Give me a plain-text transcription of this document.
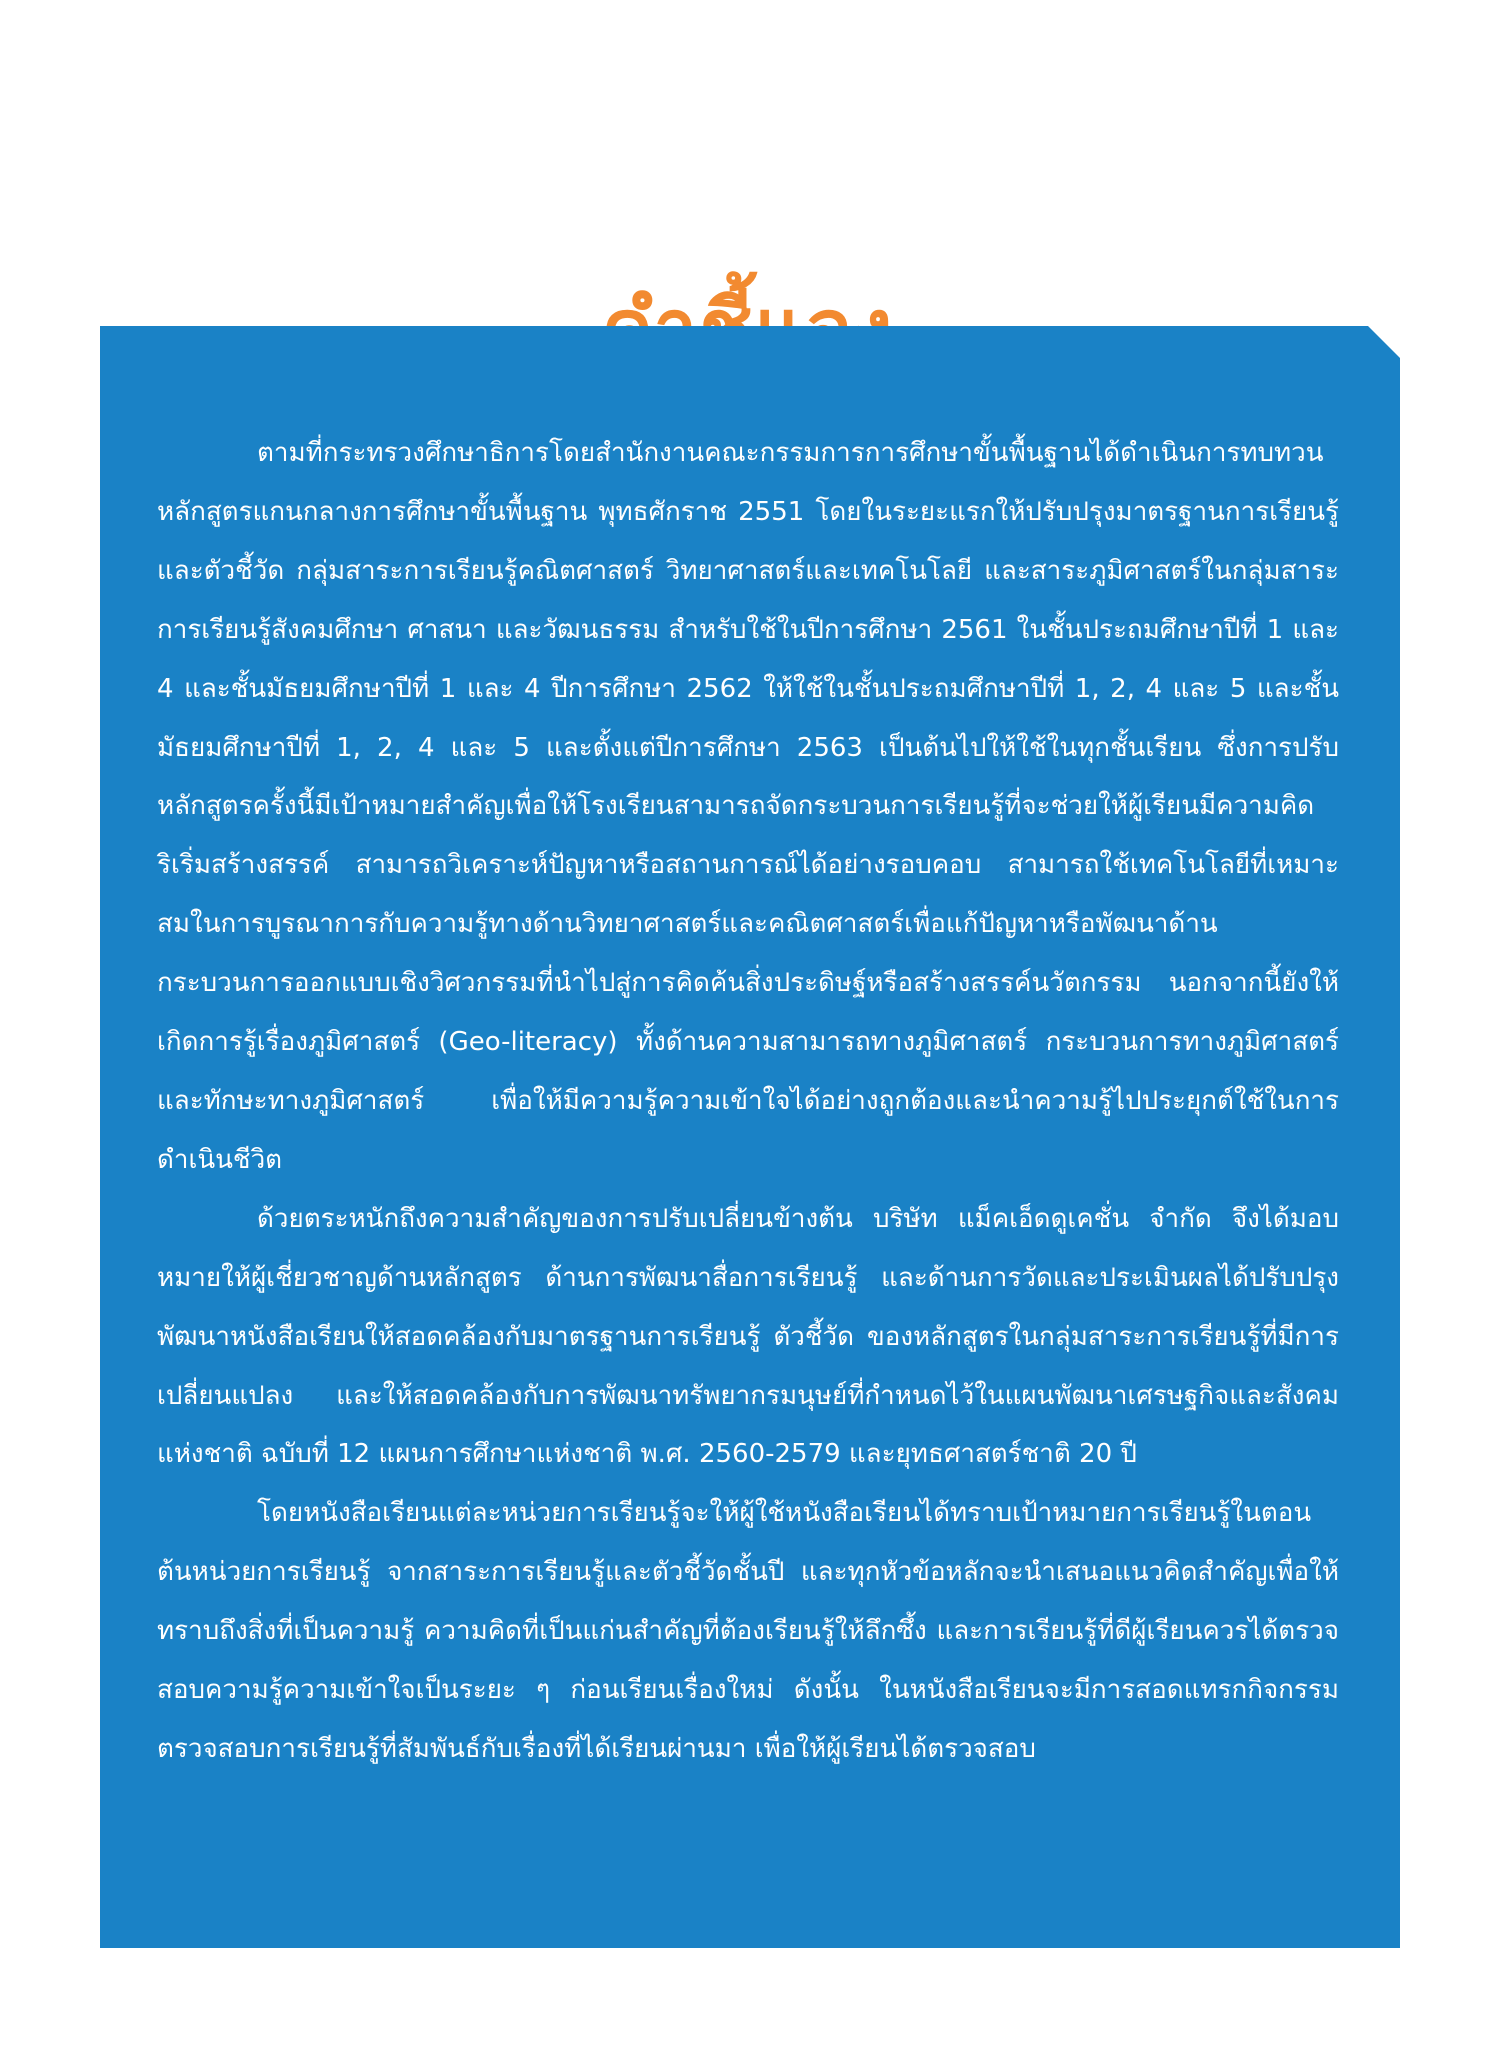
ตามที่กระทรวงศึกษาธิการโดยสำนักงานคณะกรรมการการศึกษาขั้นพื้นฐานได้ดำเนินการทบทวนหลักสูตรแกนกลางการศึกษาขั้นพื้นฐาน พุทธศักราช 2551 โดยในระยะแรกให้ปรับปรุงมาตรฐานการเรียนรู้และตัวชี้วัด กลุ่มสาระการเรียนรู้คณิตศาสตร์ วิทยาศาสตร์และเทคโนโลยี และสาระภูมิศาสตร์ในกลุ่มสาระการเรียนรู้สังคมศึกษา ศาสนา และวัฒนธรรม สำหรับใช้ในปีการศึกษา 2561 ในชั้นประถมศึกษาปีที่ 1 และ 4 และชั้นมัธยมศึกษาปีที่ 1 และ 4 ปีการศึกษา 2562 ให้ใช้ในชั้นประถมศึกษาปีที่ 1, 2, 4 และ 5 และชั้นมัธยมศึกษาปีที่ 1, 2, 4 และ 5 และตั้งแต่ปีการศึกษา 2563 เป็นต้นไปให้ใช้ในทุกชั้นเรียน ซึ่งการปรับหลักสูตรครั้งนี้มีเป้าหมายสำคัญเพื่อให้โรงเรียนสามารถจัดกระบวนการเรียนรู้ที่จะช่วยให้ผู้เรียนมีความคิดริเริ่มสร้างสรรค์ สามารถวิเคราะห์ปัญหาหรือสถานการณ์ได้อย่างรอบคอบ สามารถใช้เทคโนโลยีที่เหมาะสมในการบูรณาการกับความรู้ทางด้านวิทยาศาสตร์และคณิตศาสตร์เพื่อแก้ปัญหาหรือพัฒนาด้านกระบวนการออกแบบเชิงวิศวกรรมที่นำไปสู่การคิดค้นสิ่งประดิษฐ์หรือสร้างสรรค์นวัตกรรม นอกจากนี้ยังให้เกิดการรู้เรื่องภูมิศาสตร์ (Geo-literacy) ทั้งด้านความสามารถทางภูมิศาสตร์ กระบวนการทางภูมิศาสตร์ และทักษะทางภูมิศาสตร์ เพื่อให้มีความรู้ความเข้าใจได้อย่างถูกต้องและนำความรู้ไปประยุกต์ใช้ในการดำเนินชีวิต

ด้วยตระหนักถึงความสำคัญของการปรับเปลี่ยนข้างต้น บริษัท แม็คเอ็ดดูเคชั่น จำกัด จึงได้มอบหมายให้ผู้เชี่ยวชาญด้านหลักสูตร ด้านการพัฒนาสื่อการเรียนรู้ และด้านการวัดและประเมินผลได้ปรับปรุงพัฒนาหนังสือเรียนให้สอดคล้องกับมาตรฐานการเรียนรู้ ตัวชี้วัด ของหลักสูตรในกลุ่มสาระการเรียนรู้ที่มีการเปลี่ยนแปลง และให้สอดคล้องกับการพัฒนาทรัพยากรมนุษย์ที่กำหนดไว้ในแผนพัฒนาเศรษฐกิจและสังคมแห่งชาติ ฉบับที่ 12 แผนการศึกษาแห่งชาติ พ.ศ. 2560-2579 และยุทธศาสตร์ชาติ 20 ปี

โดยหนังสือเรียนแต่ละหน่วยการเรียนรู้จะให้ผู้ใช้หนังสือเรียนได้ทราบเป้าหมายการเรียนรู้ในตอนต้นหน่วยการเรียนรู้ จากสาระการเรียนรู้และตัวชี้วัดชั้นปี และทุกหัวข้อหลักจะนำเสนอแนวคิดสำคัญเพื่อให้ทราบถึงสิ่งที่เป็นความรู้ ความคิดที่เป็นแก่นสำคัญที่ต้องเรียนรู้ให้ลึกซึ้ง และการเรียนรู้ที่ดีผู้เรียนควรได้ตรวจสอบความรู้ความเข้าใจเป็นระยะ ๆ ก่อนเรียนเรื่องใหม่ ดังนั้น ในหนังสือเรียนจะมีการสอดแทรกกิจกรรมตรวจสอบการเรียนรู้ที่สัมพันธ์กับเรื่องที่ได้เรียนผ่านมา เพื่อให้ผู้เรียนได้ตรวจสอบ
